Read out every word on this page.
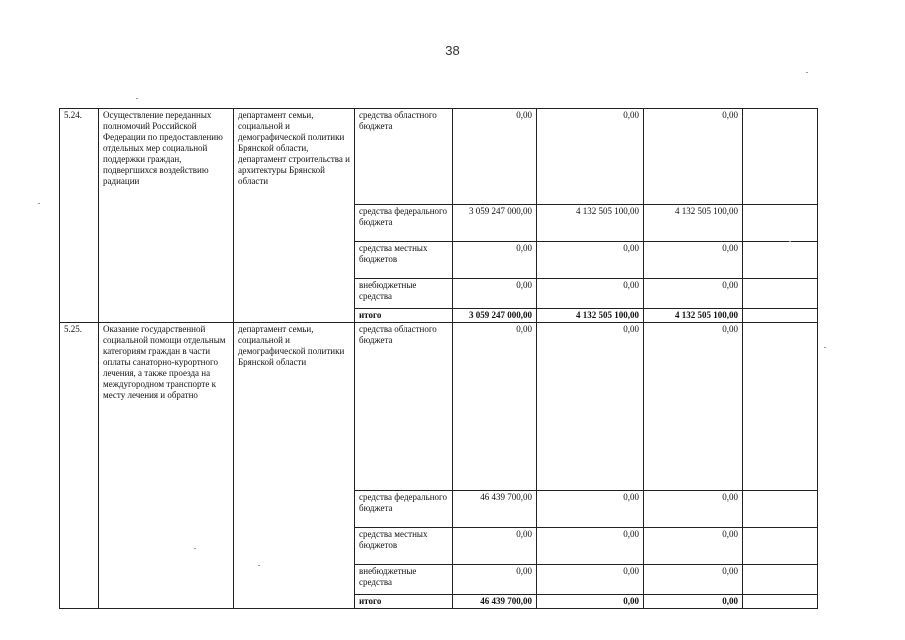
38
5.24.	Осуществление переданных полномочий Российской Федерации по предоставлению отдельных мер социальной поддержки граждан, подвергшихся воздействию радиации	департамент семьи, социальной и демографической политики Брянской области, департамент строительства и архитектуры Брянской области	средства областного бюджета	0,00	0,00	0,00	
			средства федерального бюджета	3 059 247 000,00	4 132 505 100,00	4 132 505 100,00	
			средства местных бюджетов	0,00	0,00	0,00	
			внебюджетные средства	0,00	0,00	0,00	
			итого	3 059 247 000,00	4 132 505 100,00	4 132 505 100,00	
5.25.	Оказание государственной социальной помощи отдельным категориям граждан в части оплаты санаторно-курортного лечения, а также проезда на междугородном транспорте к месту лечения и обратно	департамент семьи, социальной и демографической политики Брянской области	средства областного бюджета	0,00	0,00	0,00	
			средства федерального бюджета	46 439 700,00	0,00	0,00	
			средства местных бюджетов	0,00	0,00	0,00	
			внебюджетные средства	0,00	0,00	0,00	
			итого	46 439 700,00	0,00	0,00	
